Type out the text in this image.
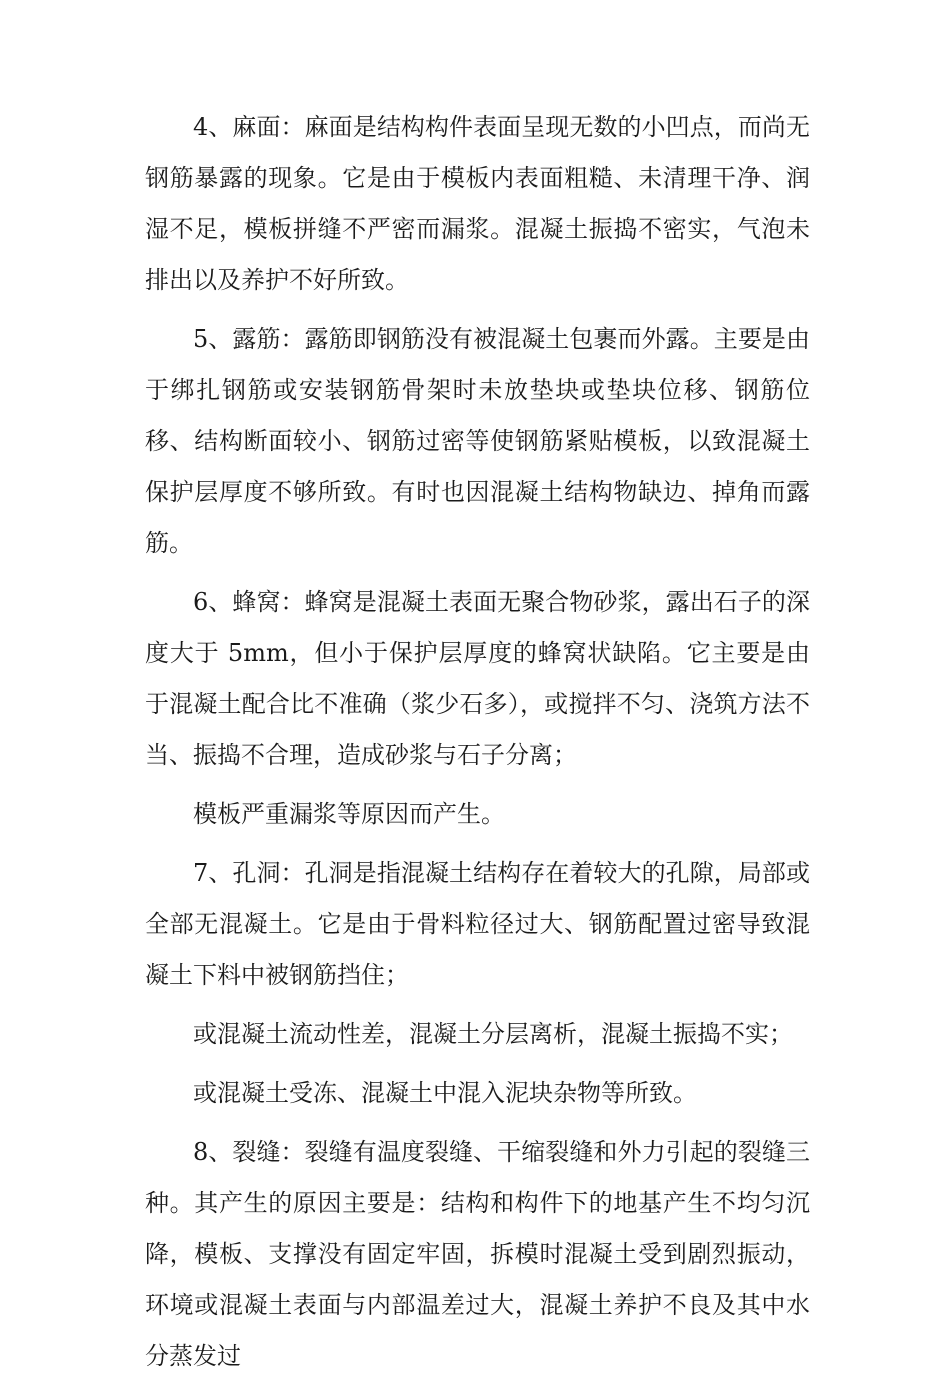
4、麻面：麻面是结构构件表面呈现无数的小凹点，而尚无钢筋暴露的现象。它是由于模板内表面粗糙、未清理干净、润湿不足，模板拼缝不严密而漏浆。混凝土振捣不密实，气泡未排出以及养护不好所致。

5、露筋：露筋即钢筋没有被混凝土包裹而外露。主要是由于绑扎钢筋或安装钢筋骨架时未放垫块或垫块位移、钢筋位移、结构断面较小、钢筋过密等使钢筋紧贴模板，以致混凝土保护层厚度不够所致。有时也因混凝土结构物缺边、掉角而露筋。

6、蜂窝：蜂窝是混凝土表面无聚合物砂浆，露出石子的深度大于 5mm，但小于保护层厚度的蜂窝状缺陷。它主要是由于混凝土配合比不准确（浆少石多），或搅拌不匀、浇筑方法不当、振捣不合理，造成砂浆与石子分离；

模板严重漏浆等原因而产生。

7、孔洞：孔洞是指混凝土结构存在着较大的孔隙，局部或全部无混凝土。它是由于骨料粒径过大、钢筋配置过密导致混凝土下料中被钢筋挡住；

或混凝土流动性差，混凝土分层离析，混凝土振捣不实；

或混凝土受冻、混凝土中混入泥块杂物等所致。

8、裂缝：裂缝有温度裂缝、干缩裂缝和外力引起的裂缝三种。其产生的原因主要是：结构和构件下的地基产生不均匀沉降，模板、支撑没有固定牢固，拆模时混凝土受到剧烈振动，环境或混凝土表面与内部温差过大，混凝土养护不良及其中水分蒸发过
